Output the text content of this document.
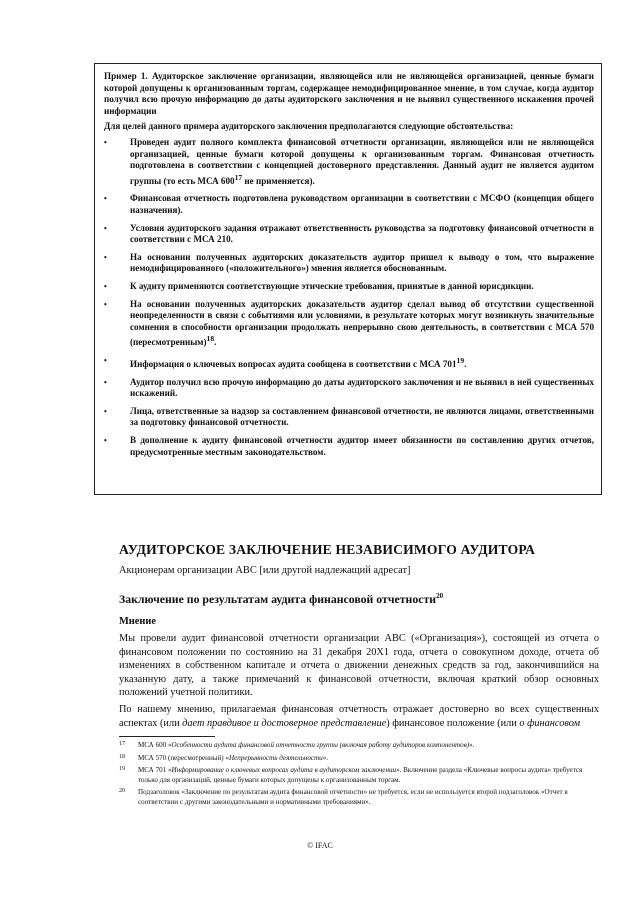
Пример 1. Аудиторское заключение организации, являющейся или не являющейся организацией, ценные бумаги которой допущены к организованным торгам, содержащее немодифицированное мнение, в том случае, когда аудитор получил всю прочую информацию до даты аудиторского заключения и не выявил существенного искажения прочей информации

Для целей данного примера аудиторского заключения предполагаются следующие обстоятельства:

•	Проведен аудит полного комплекта финансовой отчетности организации, являющейся или не являющейся организацией, ценные бумаги которой допущены к организованным торгам. Финансовая отчетность подготовлена в соответствии с концепцией достоверного представления. Данный аудит не является аудитом группы (то есть МСА $600^{17}$ не применяется).
•	Финансовая отчетность подготовлена руководством организации в соответствии с МСФО (концепция общего назначения).
•	Условия аудиторского задания отражают ответственность руководства за подготовку финансовой отчетности в соответствии с МСА 210.
•	На основании полученных аудиторских доказательств аудитор пришел к выводу о том, что выражение немодифицированного («положительного») мнения является обоснованным.
•	К аудиту применяются соответствующие этические требования, принятые в данной юрисдикции.
•	На основании полученных аудиторских доказательств аудитор сделал вывод об отсутствии существенной неопределенности в связи с событиями или условиями, в результате которых могут возникнуть значительные сомнения в способности организации продолжать непрерывно свою деятельность, в соответствии с МСА 570 (пересмотренным)$^{18}$.
•	Информация о ключевых вопросах аудита сообщена в соответствии с МСА $701^{19}$.
•	Аудитор получил всю прочую информацию до даты аудиторского заключения и не выявил в ней существенных искажений.
•	Лица, ответственные за надзор за составлением финансовой отчетности, не являются лицами, ответственными за подготовку финансовой отчетности.
•	В дополнение к аудиту финансовой отчетности аудитор имеет обязанности по составлению других отчетов, предусмотренные местным законодательством.
АУДИТОРСКОЕ ЗАКЛЮЧЕНИЕ НЕЗАВИСИМОГО АУДИТОРА
Акционерам организации АВС [или другой надлежащий адресат]
Заключение по результатам аудита финансовой отчетности$^{20}$
Мнение
Мы провели аудит финансовой отчетности организации АВС («Организация»), состоящей из отчета о финансовом положении по состоянию на 31 декабря 20Х1 года, отчета о совокупном доходе, отчета об изменениях в собственном капитале и отчета о движении денежных средств за год, закончившийся на указанную дату, а также примечаний к финансовой отчетности, включая краткий обзор основных положений учетной политики.
По нашему мнению, прилагаемая финансовая отчетность отражает достоверно во всех существенных аспектах (или дает правдивое и достоверное представление) финансовое положение (или о финансовом
17 МСА 600 «Особенности аудита финансовой отчетности группы (включая работу аудиторов компонентов)».
18 МСА 570 (пересмотренный) «Непрерывность деятельности».
19 МСА 701 «Информирование о ключевых вопросах аудита в аудиторском заключении». Включение раздела «Ключевые вопросы аудита» требуется только для организаций, ценные бумаги которых допущены к организованным торгам.
20 Подзаголовок «Заключение по результатам аудита финансовой отчетности» не требуется, если не используется второй подзаголовок «Отчет в соответствии с другими законодательными и нормативными требованиями».
© IFAC
